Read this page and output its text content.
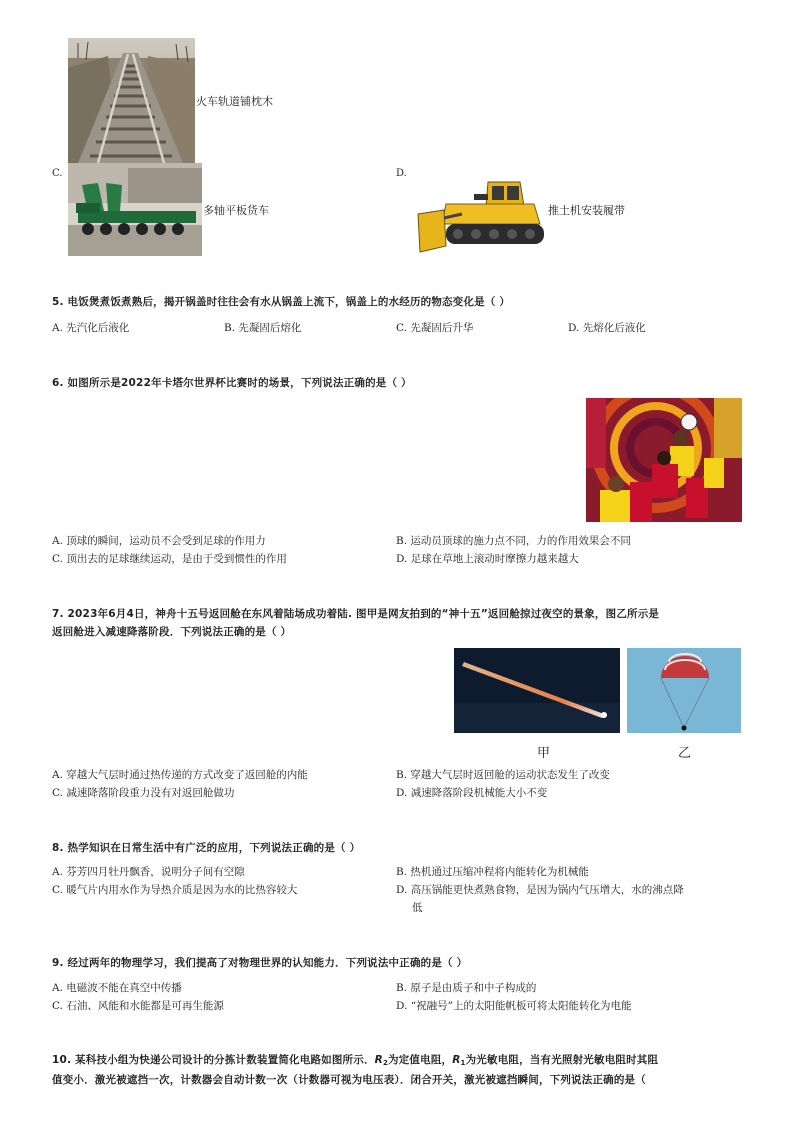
火车轨道铺枕木
C.
多轴平板货车
D.
推土机安装履带
5. 电饭煲煮饭煮熟后，揭开锅盖时往往会有水从锅盖上流下，锅盖上的水经历的物态变化是（ ）
A. 先汽化后液化	B. 先凝固后熔化	C. 先凝固后升华	D. 先熔化后液化
6. 如图所示是2022年卡塔尔世界杯比赛时的场景，下列说法正确的是（ ）
A. 顶球的瞬间，运动员不会受到足球的作用力	B. 运动员顶球的施力点不同，力的作用效果会不同
C. 顶出去的足球继续运动，是由于受到惯性的作用	D. 足球在草地上滚动时摩擦力越来越大
7. 2023年6月4日，神舟十五号返回舱在东风着陆场成功着陆. 图甲是网友拍到的“神十五”返回舱掠过夜空的景象，图乙所示是
返回舱进入减速降落阶段．下列说法正确的是（ ）
甲	乙
A. 穿越大气层时通过热传递的方式改变了返回舱的内能	B. 穿越大气层时返回舱的运动状态发生了改变
C. 减速降落阶段重力没有对返回舱做功	D. 减速降落阶段机械能大小不变
8. 热学知识在日常生活中有广泛的应用，下列说法正确的是（ ）
A. 芬芳四月牡丹飘香，说明分子间有空隙	B. 热机通过压缩冲程将内能转化为机械能
C. 暖气片内用水作为导热介质是因为水的比热容较大	D. 高压锅能更快煮熟食物，是因为锅内气压增大，水的沸点降
低
9. 经过两年的物理学习，我们提高了对物理世界的认知能力．下列说法中正确的是（ ）
A. 电磁波不能在真空中传播	B. 原子是由质子和中子构成的
C. 石油、风能和水能都是可再生能源	D. “祝融号”上的太阳能帆板可将太阳能转化为电能
10. 某科技小组为快递公司设计的分拣计数装置简化电路如图所示．$R_2$为定值电阻，$R_1$为光敏电阻，当有光照射光敏电阻时其阻
值变小．激光被遮挡一次，计数器会自动计数一次（计数器可视为电压表）．闭合开关，激光被遮挡瞬间，下列说法正确的是（
